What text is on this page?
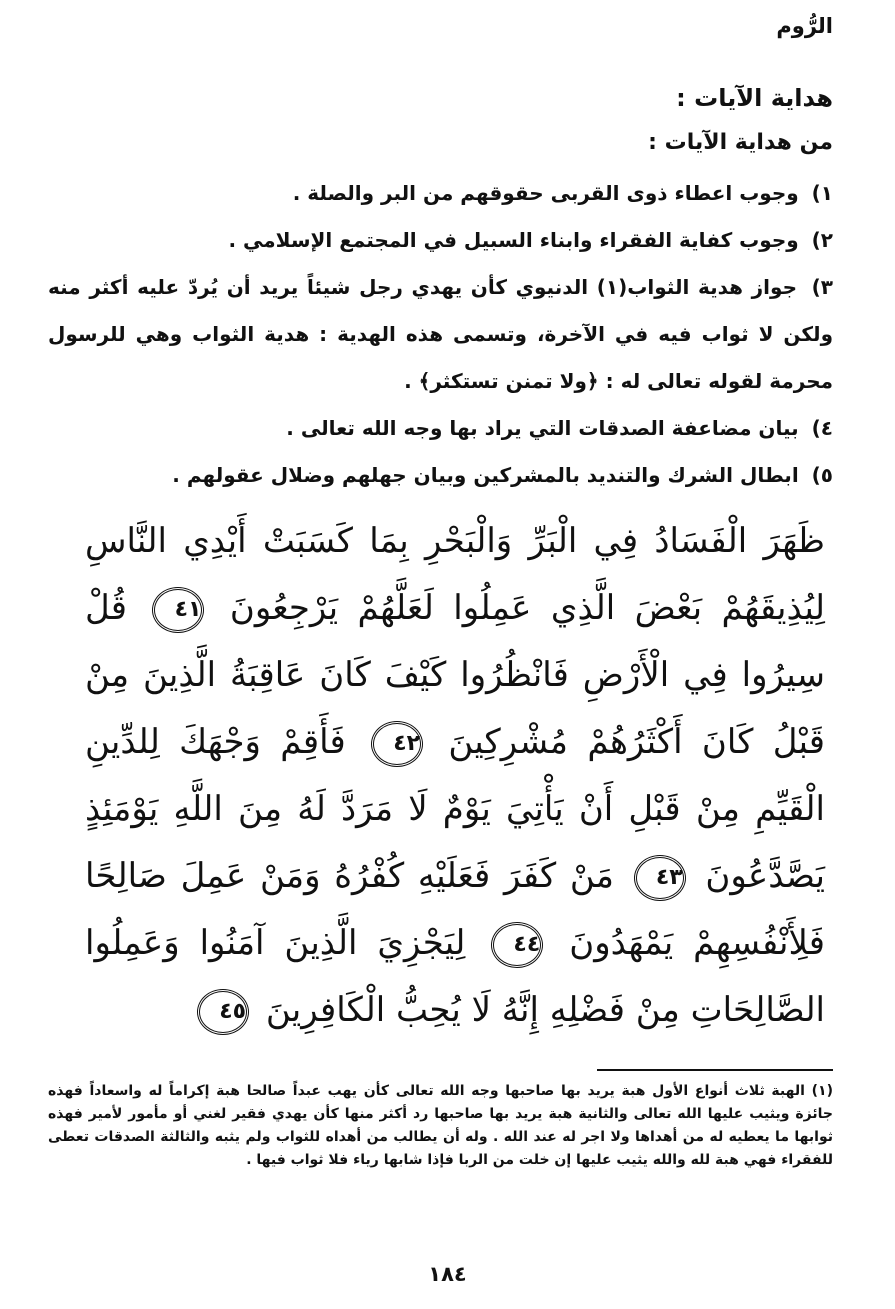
الرُّوم
هداية الآيات :
من هداية الآيات :
١) وجوب اعطاء ذوى القربى حقوقهم من البر والصلة .
٢) وجوب كفاية الفقراء وابناء السبيل في المجتمع الإسلامي .
٣) جواز هدية الثواب(١) الدنيوي كأن يهدي رجل شيئاً يريد أن يُردّ عليه أكثر منه ولكن لا ثواب فيه في الآخرة، وتسمى هذه الهدية : هدية الثواب وهي للرسول محرمة لقوله تعالى له : ﴿ولا تمنن تستكثر﴾ .
٤) بيان مضاعفة الصدقات التي يراد بها وجه الله تعالى .
٥) ابطال الشرك والتنديد بالمشركين وبيان جهلهم وضلال عقولهم .
ظَهَرَ الْفَسَادُ فِي الْبَرِّ وَالْبَحْرِ بِمَا كَسَبَتْ أَيْدِي النَّاسِ لِيُذِيقَهُمْ بَعْضَ الَّذِي عَمِلُوا لَعَلَّهُمْ يَرْجِعُونَ ٤١ قُلْ سِيرُوا فِي الْأَرْضِ فَانْظُرُوا كَيْفَ كَانَ عَاقِبَةُ الَّذِينَ مِنْ قَبْلُ كَانَ أَكْثَرُهُمْ مُشْرِكِينَ ٤٢ فَأَقِمْ وَجْهَكَ لِلدِّينِ الْقَيِّمِ مِنْ قَبْلِ أَنْ يَأْتِيَ يَوْمٌ لَا مَرَدَّ لَهُ مِنَ اللَّهِ يَوْمَئِذٍ يَصَّدَّعُونَ ٤٣ مَنْ كَفَرَ فَعَلَيْهِ كُفْرُهُ وَمَنْ عَمِلَ صَالِحًا فَلِأَنْفُسِهِمْ يَمْهَدُونَ ٤٤ لِيَجْزِيَ الَّذِينَ آمَنُوا وَعَمِلُوا الصَّالِحَاتِ مِنْ فَضْلِهِ إِنَّهُ لَا يُحِبُّ الْكَافِرِينَ ٤٥
(١) الهبة ثلاث أنواع الأول هبة يريد بها صاحبها وجه الله تعالى كأن يهب عبداً صالحا هبة إكراماً له واسعاداً فهذه جائزة ويثيب عليها الله تعالى والثانية هبة يريد بها صاحبها رد أكثر منها كأن يهدي فقير لغني أو مأمور لأمير فهذه ثوابها ما يعطيه له من أهداها ولا اجر له عند الله . وله أن يطالب من أهداه للثواب ولم يثبه والثالثة الصدقات تعطى للفقراء فهي هبة لله والله يثيب عليها إن خلت من الربا فإذا شابها رياء فلا ثواب فيها .
١٨٤
